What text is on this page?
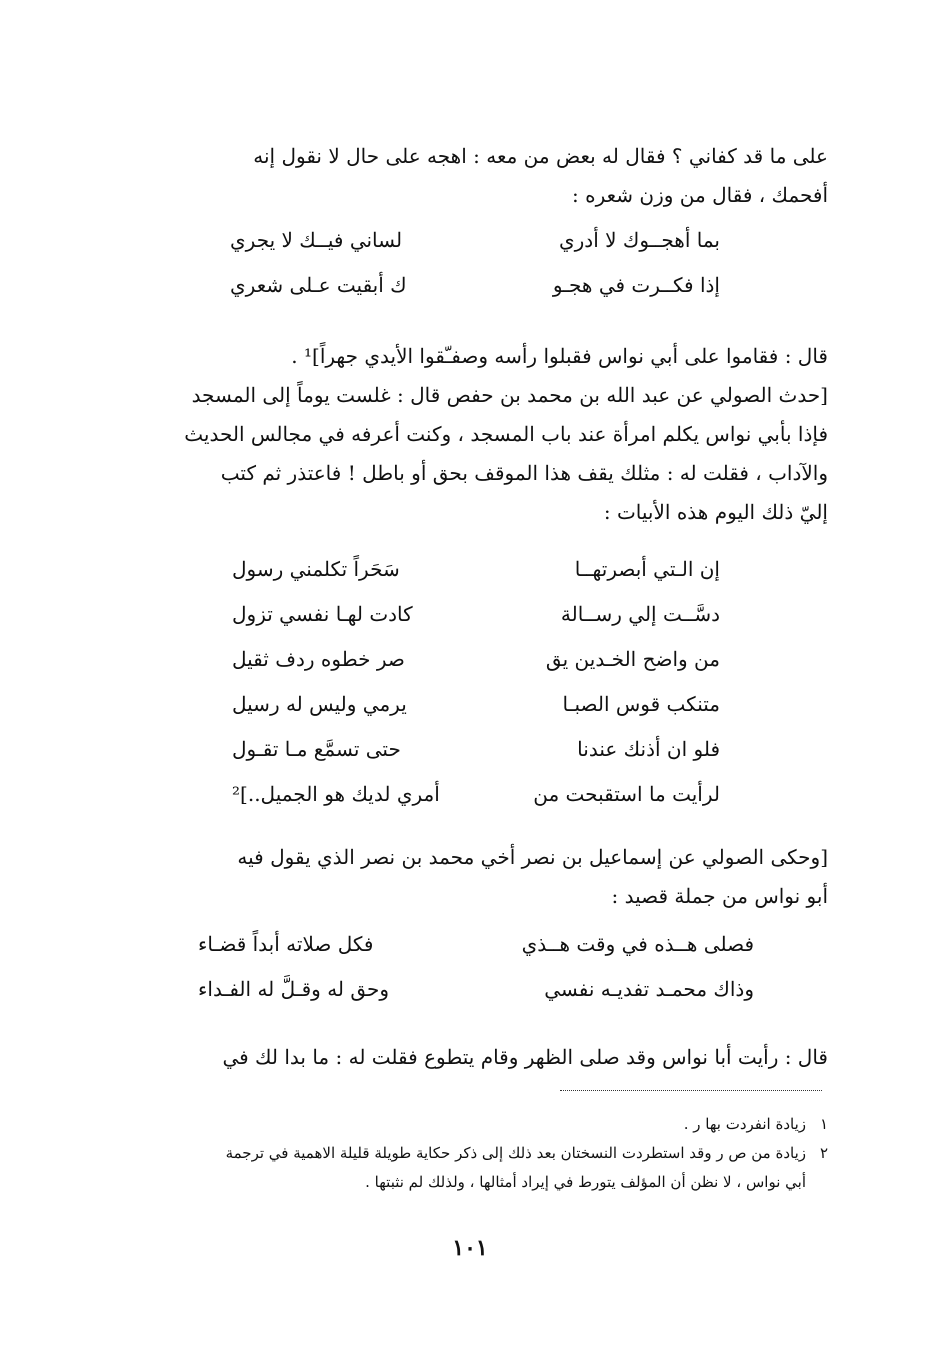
على ما قد كفاني ؟ فقال له بعض من معه : اهجه على حال لا نقول إنه
أفحمك ، فقال من وزن شعره :
بما أهجــوك لا أدري
لساني فيــك لا يجري
إذا فكــرت في هجـو
ك أبقيت عـلى شعري
قال : فقاموا على أبي نواس فقبلوا رأسه وصفـّقوا الأيدي جهراً]¹ .
[حدث الصولي عن عبد الله بن محمد بن حفص قال : غلست يوماً إلى المسجد
فإذا بأبي نواس يكلم امرأة عند باب المسجد ، وكنت أعرفه في مجالس الحديث
والآداب ، فقلت له : مثلك يقف هذا الموقف بحق أو باطل ! فاعتذر ثم كتب
إليّ ذلك اليوم هذه الأبيات :
إن الـتي أبصرتهــا
سَحَراً تكلمني رسول
دسَّــت إلي رســالة
كادت لهـا نفسي تزول
من واضح الخـدين يق
صر خطوه ردف ثقيل
متنكب قوس الصبـا
يرمي وليس له رسيل
فلو ان أذنك عندنا
حتى تسمَّع مـا تقـول
لرأيت ما استقبحت من
أمري لديك هو الجميل..]²
[وحكى الصولي عن إسماعيل بن نصر أخي محمد بن نصر الذي يقول فيه
أبو نواس من جملة قصيد :
فصلى هــذه في وقت هــذي
فكل صلاته أبداً قضـاء
وذاك محمـد تفديـه نفسي
وحق له وقـلَّ له الفـداء
قال : رأيت أبا نواس وقد صلى الظهر وقام يتطوع فقلت له : ما بدا لك في
١زيادة انفردت بها ر .
٢زيادة من ص ر وقد استطردت النسختان بعد ذلك إلى ذكر حكاية طويلة قليلة الاهمية في ترجمة
أبي نواس ، لا نظن أن المؤلف يتورط في إيراد أمثالها ، ولذلك لم نثبتها .
١٠١
